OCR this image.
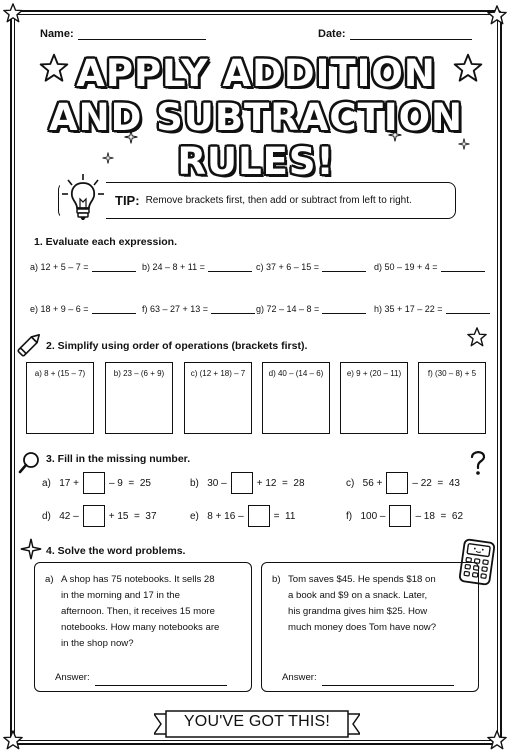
Name:	Date:
APPLY ADDITION
AND SUBTRACTION
RULES!
TIP: Remove brackets first, then add or subtract from left to right.
1. Evaluate each expression.
a) 12 + 5 – 7 =	b) 24 – 8 + 11 =	c) 37 + 6 – 15 =	d) 50 – 19 + 4 =
e) 18 + 9 – 6 =	f) 63 – 27 + 13 =	g) 72 – 14 – 8 =	h) 35 + 17 – 22 =
2. Simplify using order of operations (brackets first).
a) 8 + (15 – 7)	b) 23 – (6 + 9)	c) (12 + 18) – 7	d) 40 – (14 – 6)	e) 9 + (20 – 11)	f) (30 – 8) + 5
3. Fill in the missing number.
a)   17 +	– 9  =  25	b)   30 –	+ 12  =  28	c)   56 +	– 22  =  43
d)   42 –	+ 15  =  37	e)   8 + 16 –	=  11	f)   100 –	– 18  =  62
4. Solve the word problems.
a) A shop has 75 notebooks. It sells 28
in the morning and 17 in the
afternoon. Then, it receives 15 more
notebooks. How many notebooks are
in the shop now?
Answer:
b) Tom saves $45. He spends $18 on
a book and $9 on a snack. Later,
his grandma gives him $25. How
much money does Tom have now?
Answer:
YOU'VE GOT THIS!
